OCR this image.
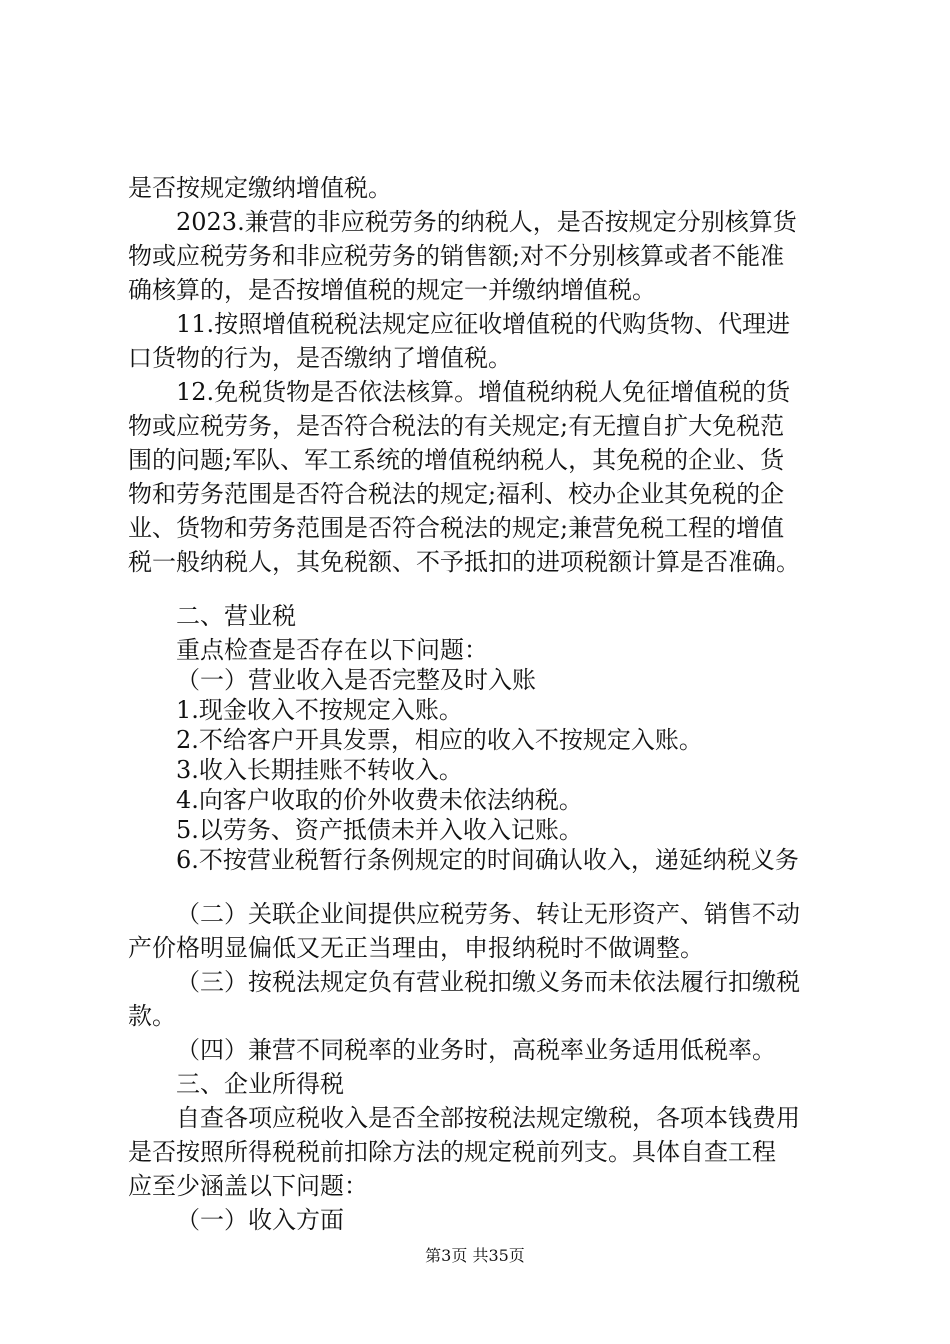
是否按规定缴纳增值税。
2023.兼营的非应税劳务的纳税人，是否按规定分别核算货
物或应税劳务和非应税劳务的销售额;对不分别核算或者不能准
确核算的，是否按增值税的规定一并缴纳增值税。
11.按照增值税税法规定应征收增值税的代购货物、代理进
口货物的行为，是否缴纳了增值税。
12.免税货物是否依法核算。增值税纳税人免征增值税的货
物或应税劳务，是否符合税法的有关规定;有无擅自扩大免税范
围的问题;军队、军工系统的增值税纳税人，其免税的企业、货
物和劳务范围是否符合税法的规定;福利、校办企业其免税的企
业、货物和劳务范围是否符合税法的规定;兼营免税工程的增值
税一般纳税人，其免税额、不予抵扣的进项税额计算是否准确。
二、营业税
重点检查是否存在以下问题：
（一）营业收入是否完整及时入账
1.现金收入不按规定入账。
2.不给客户开具发票，相应的收入不按规定入账。
3.收入长期挂账不转收入。
4.向客户收取的价外收费未依法纳税。
5.以劳务、资产抵债未并入收入记账。
6.不按营业税暂行条例规定的时间确认收入，递延纳税义务
（二）关联企业间提供应税劳务、转让无形资产、销售不动
产价格明显偏低又无正当理由，申报纳税时不做调整。
（三）按税法规定负有营业税扣缴义务而未依法履行扣缴税
款。
（四）兼营不同税率的业务时，高税率业务适用低税率。
三、企业所得税
自查各项应税收入是否全部按税法规定缴税，各项本钱费用
是否按照所得税税前扣除方法的规定税前列支。具体自查工程
应至少涵盖以下问题：
（一）收入方面
第3页 共35页
